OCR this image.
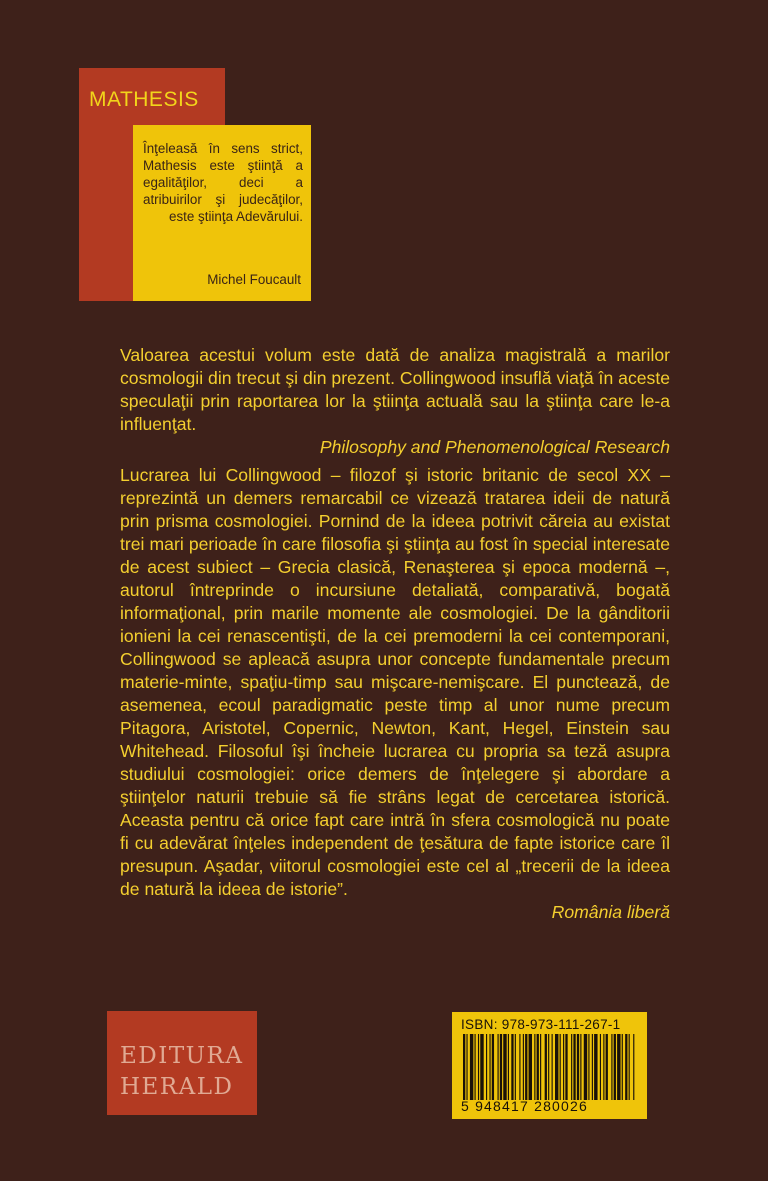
MATHESIS

Înţeleasă în sens strict, Mathesis este ştiinţă a egalităţilor, deci a atribuirilor şi judecăţilor, este ştiinţa Adevărului.

Michel Foucault

Valoarea acestui volum este dată de analiza magistrală a marilor cosmologii din trecut şi din prezent. Collingwood insuflă viaţă în aceste speculaţii prin raportarea lor la ştiinţa actuală sau la ştiinţa care le-a influenţat.

Philosophy and Phenomenological Research

Lucrarea lui Collingwood – filozof şi istoric britanic de secol XX – reprezintă un demers remarcabil ce vizează tratarea ideii de natură prin prisma cosmologiei. Pornind de la ideea potrivit căreia au existat trei mari perioade în care filosofia şi ştiinţa au fost în special interesate de acest subiect – Grecia clasică, Renaşterea şi epoca modernă –, autorul întreprinde o incursiune detaliată, comparativă, bogată informaţional, prin marile momente ale cosmologiei. De la gânditorii ionieni la cei renascentişti, de la cei premoderni la cei contemporani, Collingwood se apleacă asupra unor concepte fundamentale precum materie-minte, spaţiu-timp sau mişcare-nemişcare. El punctează, de asemenea, ecoul paradigmatic peste timp al unor nume precum Pitagora, Aristotel, Copernic, Newton, Kant, Hegel, Einstein sau Whitehead. Filosoful îşi încheie lucrarea cu propria sa teză asupra studiului cosmologiei: orice demers de înţelegere şi abordare a ştiinţelor naturii trebuie să fie strâns legat de cercetarea istorică. Aceasta pentru că orice fapt care intră în sfera cosmologică nu poate fi cu adevărat înţeles independent de ţesătura de fapte istorice care îl presupun. Aşadar, viitorul cosmologiei este cel al „trecerii de la ideea de natură la ideea de istorie”.

România liberă
EDITURA
HERALD

ISBN: 978-973-111-267-1

5 948417 280026
